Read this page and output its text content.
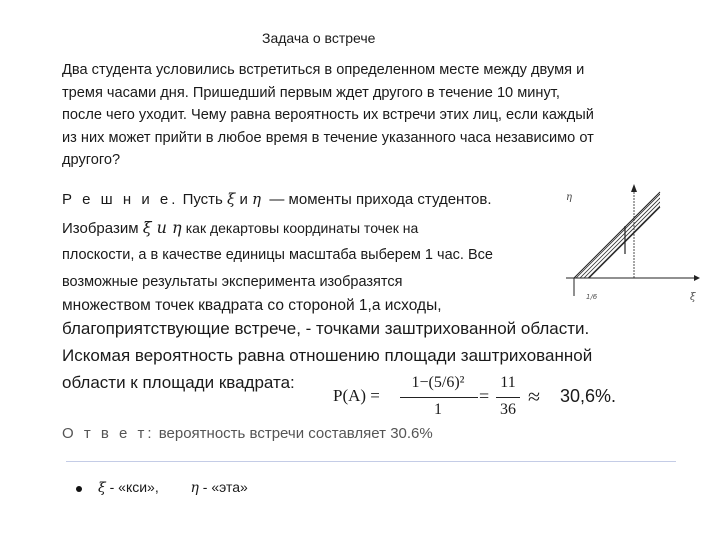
Задача о встрече
Два студента условились встретиться в определенном месте между двумя и
тремя часами дня. Пришедший первым ждет другого в течение 10 минут,
после чего уходит. Чему равна вероятность их встречи этих лиц, если каждый
из них может прийти в любое время в течение указанного часа независимо от
другого?
Р е ш н и е. Пусть ξ и η — моменты прихода студентов.
Изобразим ξ и η как декартовы координаты точек на
плоскости, а в качестве единицы масштаба выберем 1 час. Все
возможные результаты эксперимента изобразятся
множеством точек квадрата со стороной 1,а исходы,
благоприятствующие встрече, - точками заштрихованной области.
Искомая вероятность равна отношению площади заштрихованной
области к площади квадрата:
P(A) =
1−(5/6)²
1
=
11
36
≈ 30,6%.
О т в е т: вероятность встречи составляет 30.6%
ξ - «кси», η - «эта»
η
ξ
1/6
